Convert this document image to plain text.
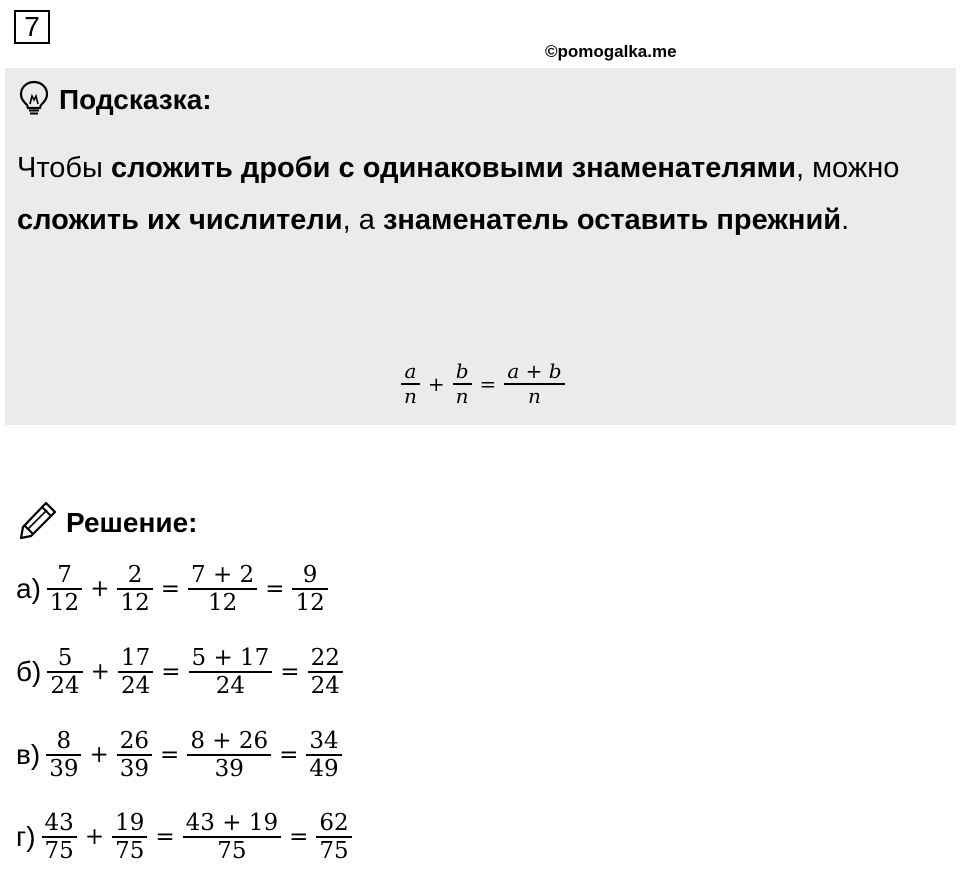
7
©pomogalka.me
Подсказка:
Чтобы сложить дроби с одинаковыми знаменателями, можно сложить их числители, а знаменатель оставить прежний.
$\frac{a}{n} + \frac{b}{n} = \frac{a + b}{n}$
Решение:
$а) \frac{7}{12} + \frac{2}{12} = \frac{7 + 2}{12} = \frac{9}{12}$
$б) \frac{5}{24} + \frac{17}{24} = \frac{5 + 17}{24} = \frac{22}{24}$
$в) \frac{8}{39} + \frac{26}{39} = \frac{8 + 26}{39} = \frac{34}{49}$
$г) \frac{43}{75} + \frac{19}{75} = \frac{43 + 19}{75} = \frac{62}{75}$
